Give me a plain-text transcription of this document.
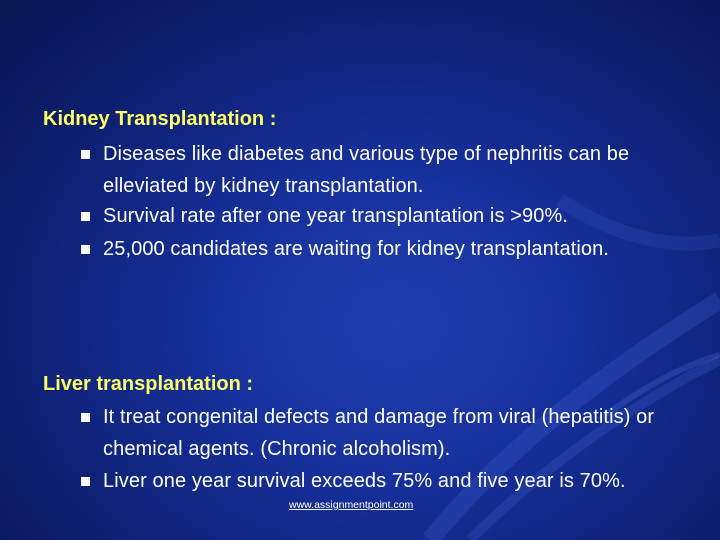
Kidney Transplantation :
Diseases like diabetes and various type of nephritis can be elleviated by kidney transplantation.
Survival rate after one year transplantation is >90%.
25,000 candidates are waiting for kidney transplantation.
Liver transplantation :
It treat congenital defects and damage from viral (hepatitis) or chemical agents. (Chronic alcoholism).
Liver one year survival exceeds 75% and five year is 70%.
www.assignmentpoint.com
